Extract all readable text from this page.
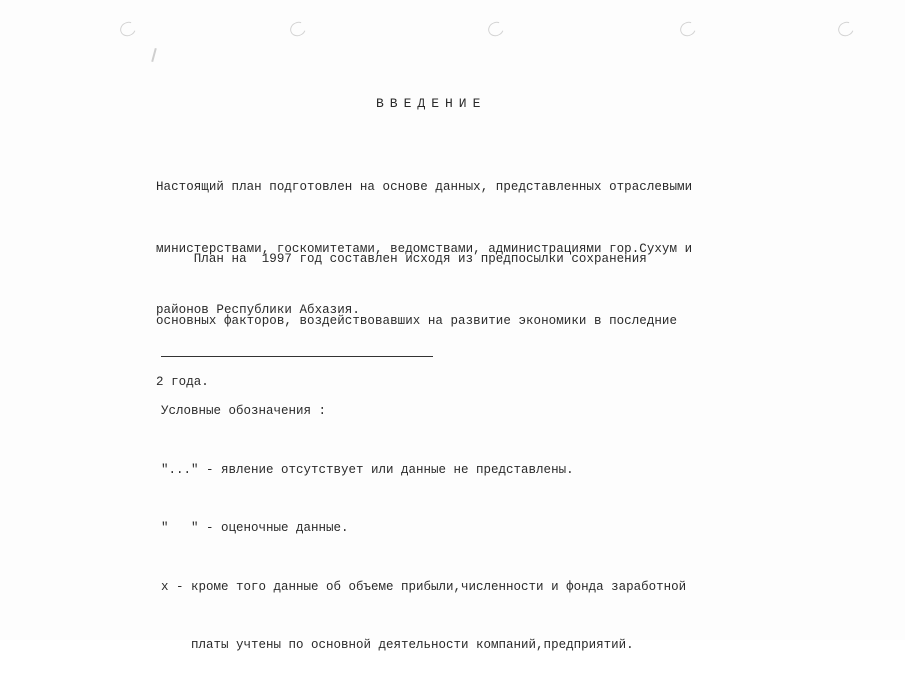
ВВЕДЕНИЕ

Настоящий план подготовлен на основе данных, представленных отраслевыми

министерствами, госкомитетами, ведомствами, администрациями гор.Сухум и

районов Республики Абхазия.

План на  1997 год составлен исходя из предпосылки сохранения

основных факторов, воздействовавших на развитие экономики в последние

2 года.

Условные обозначения :

"..." - явление отсутствует или данные не представлены.

"   " - оценочные данные.

x - кроме того данные об объеме прибыли,численности и фонда заработной

платы учтены по основной деятельности компаний,предприятий.
